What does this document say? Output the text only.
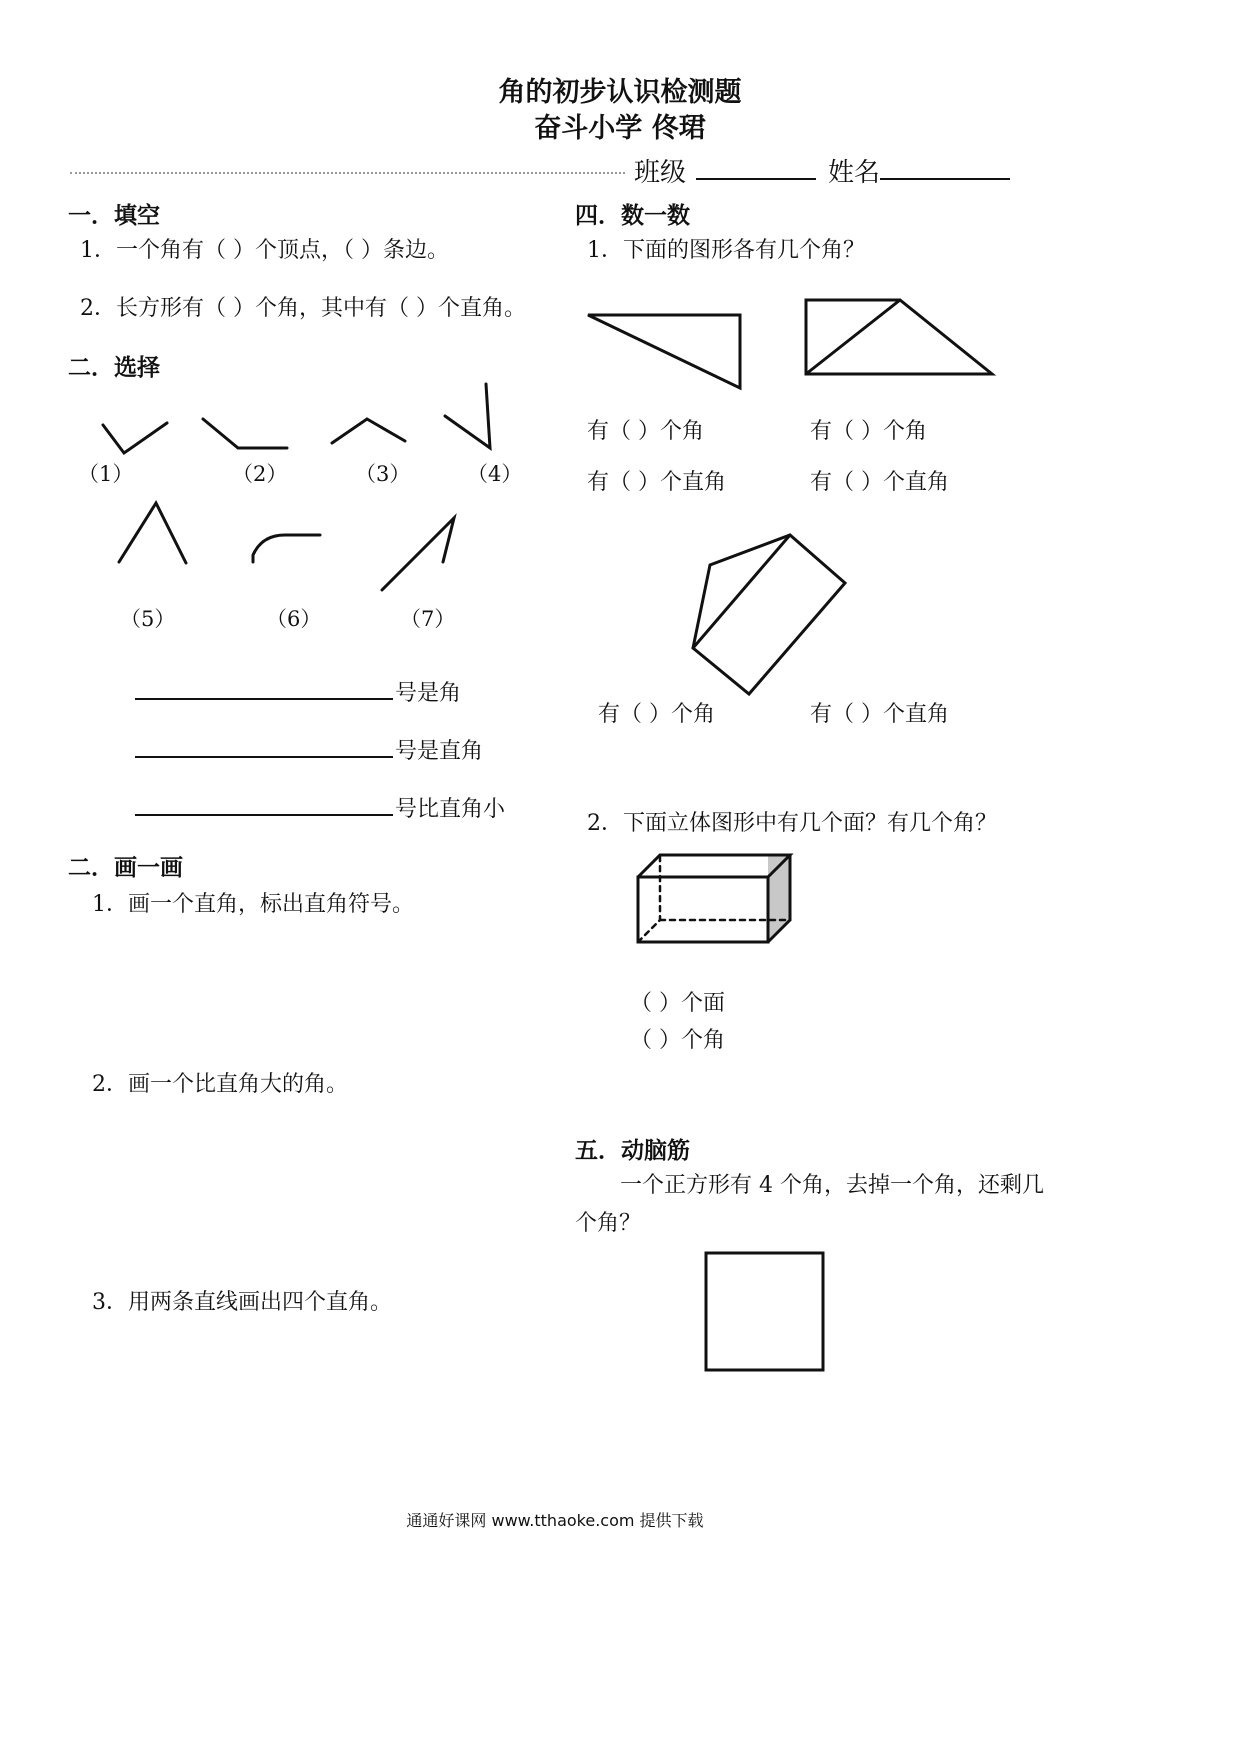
角的初步认识检测题
奋斗小学 佟珺
班级	姓名
一．填空
1．一个角有（ ）个顶点，（ ）条边。
2．长方形有（ ）个角，其中有（ ）个直角。
二．选择
（1）	（2）	（3）	（4）
（5）	（6）	（7）
号是角
号是直角
号比直角小
二．画一画
1．画一个直角，标出直角符号。
2．画一个比直角大的角。
3．用两条直线画出四个直角。
四．数一数
1．下面的图形各有几个角？
有（ ）个角
有（ ）个直角
有（ ）个角
有（ ）个直角
有（ ）个角	有（ ）个直角
2．下面立体图形中有几个面？有几个角？
（ ）个面
（ ）个角
五．动脑筋
一个正方形有 4 个角，去掉一个角，还剩几
个角？
通通好课网 www.tthaoke.com 提供下载
